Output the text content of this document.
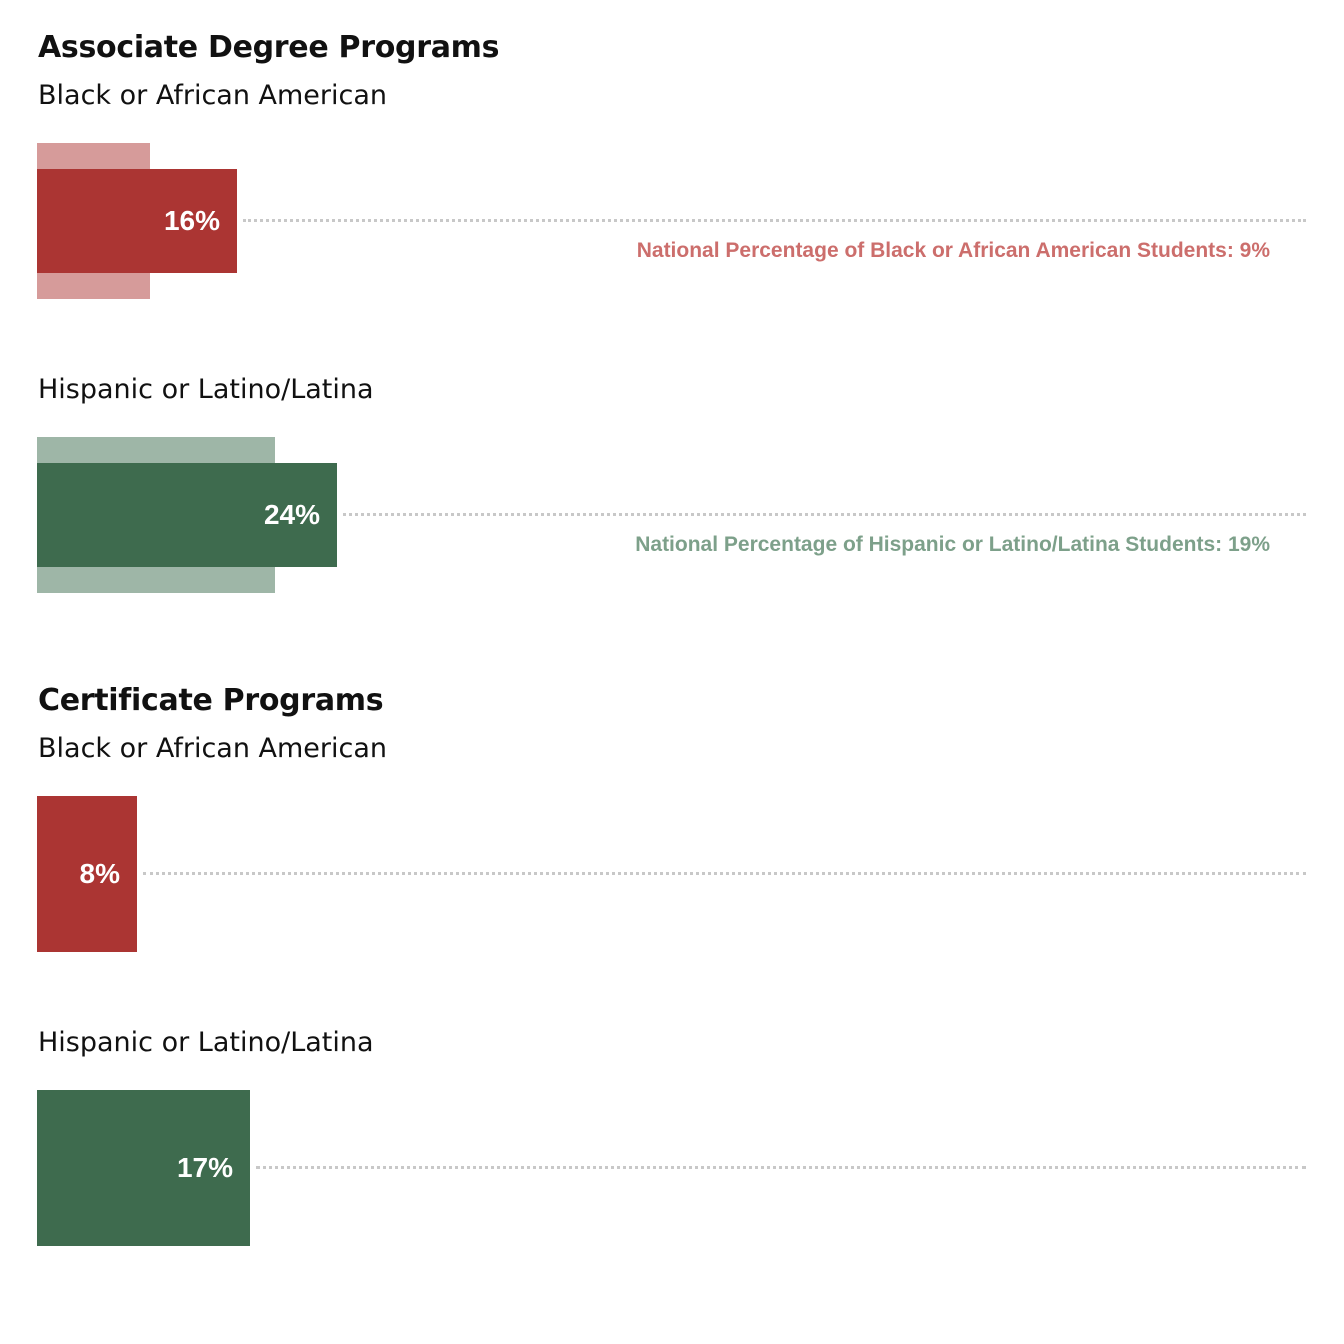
Associate Degree Programs
Black or African American
16%
National Percentage of Black or African American Students: 9%
Hispanic or Latino/Latina
24%
National Percentage of Hispanic or Latino/Latina Students: 19%
Certificate Programs
Black or African American
8%
Hispanic or Latino/Latina
17%
